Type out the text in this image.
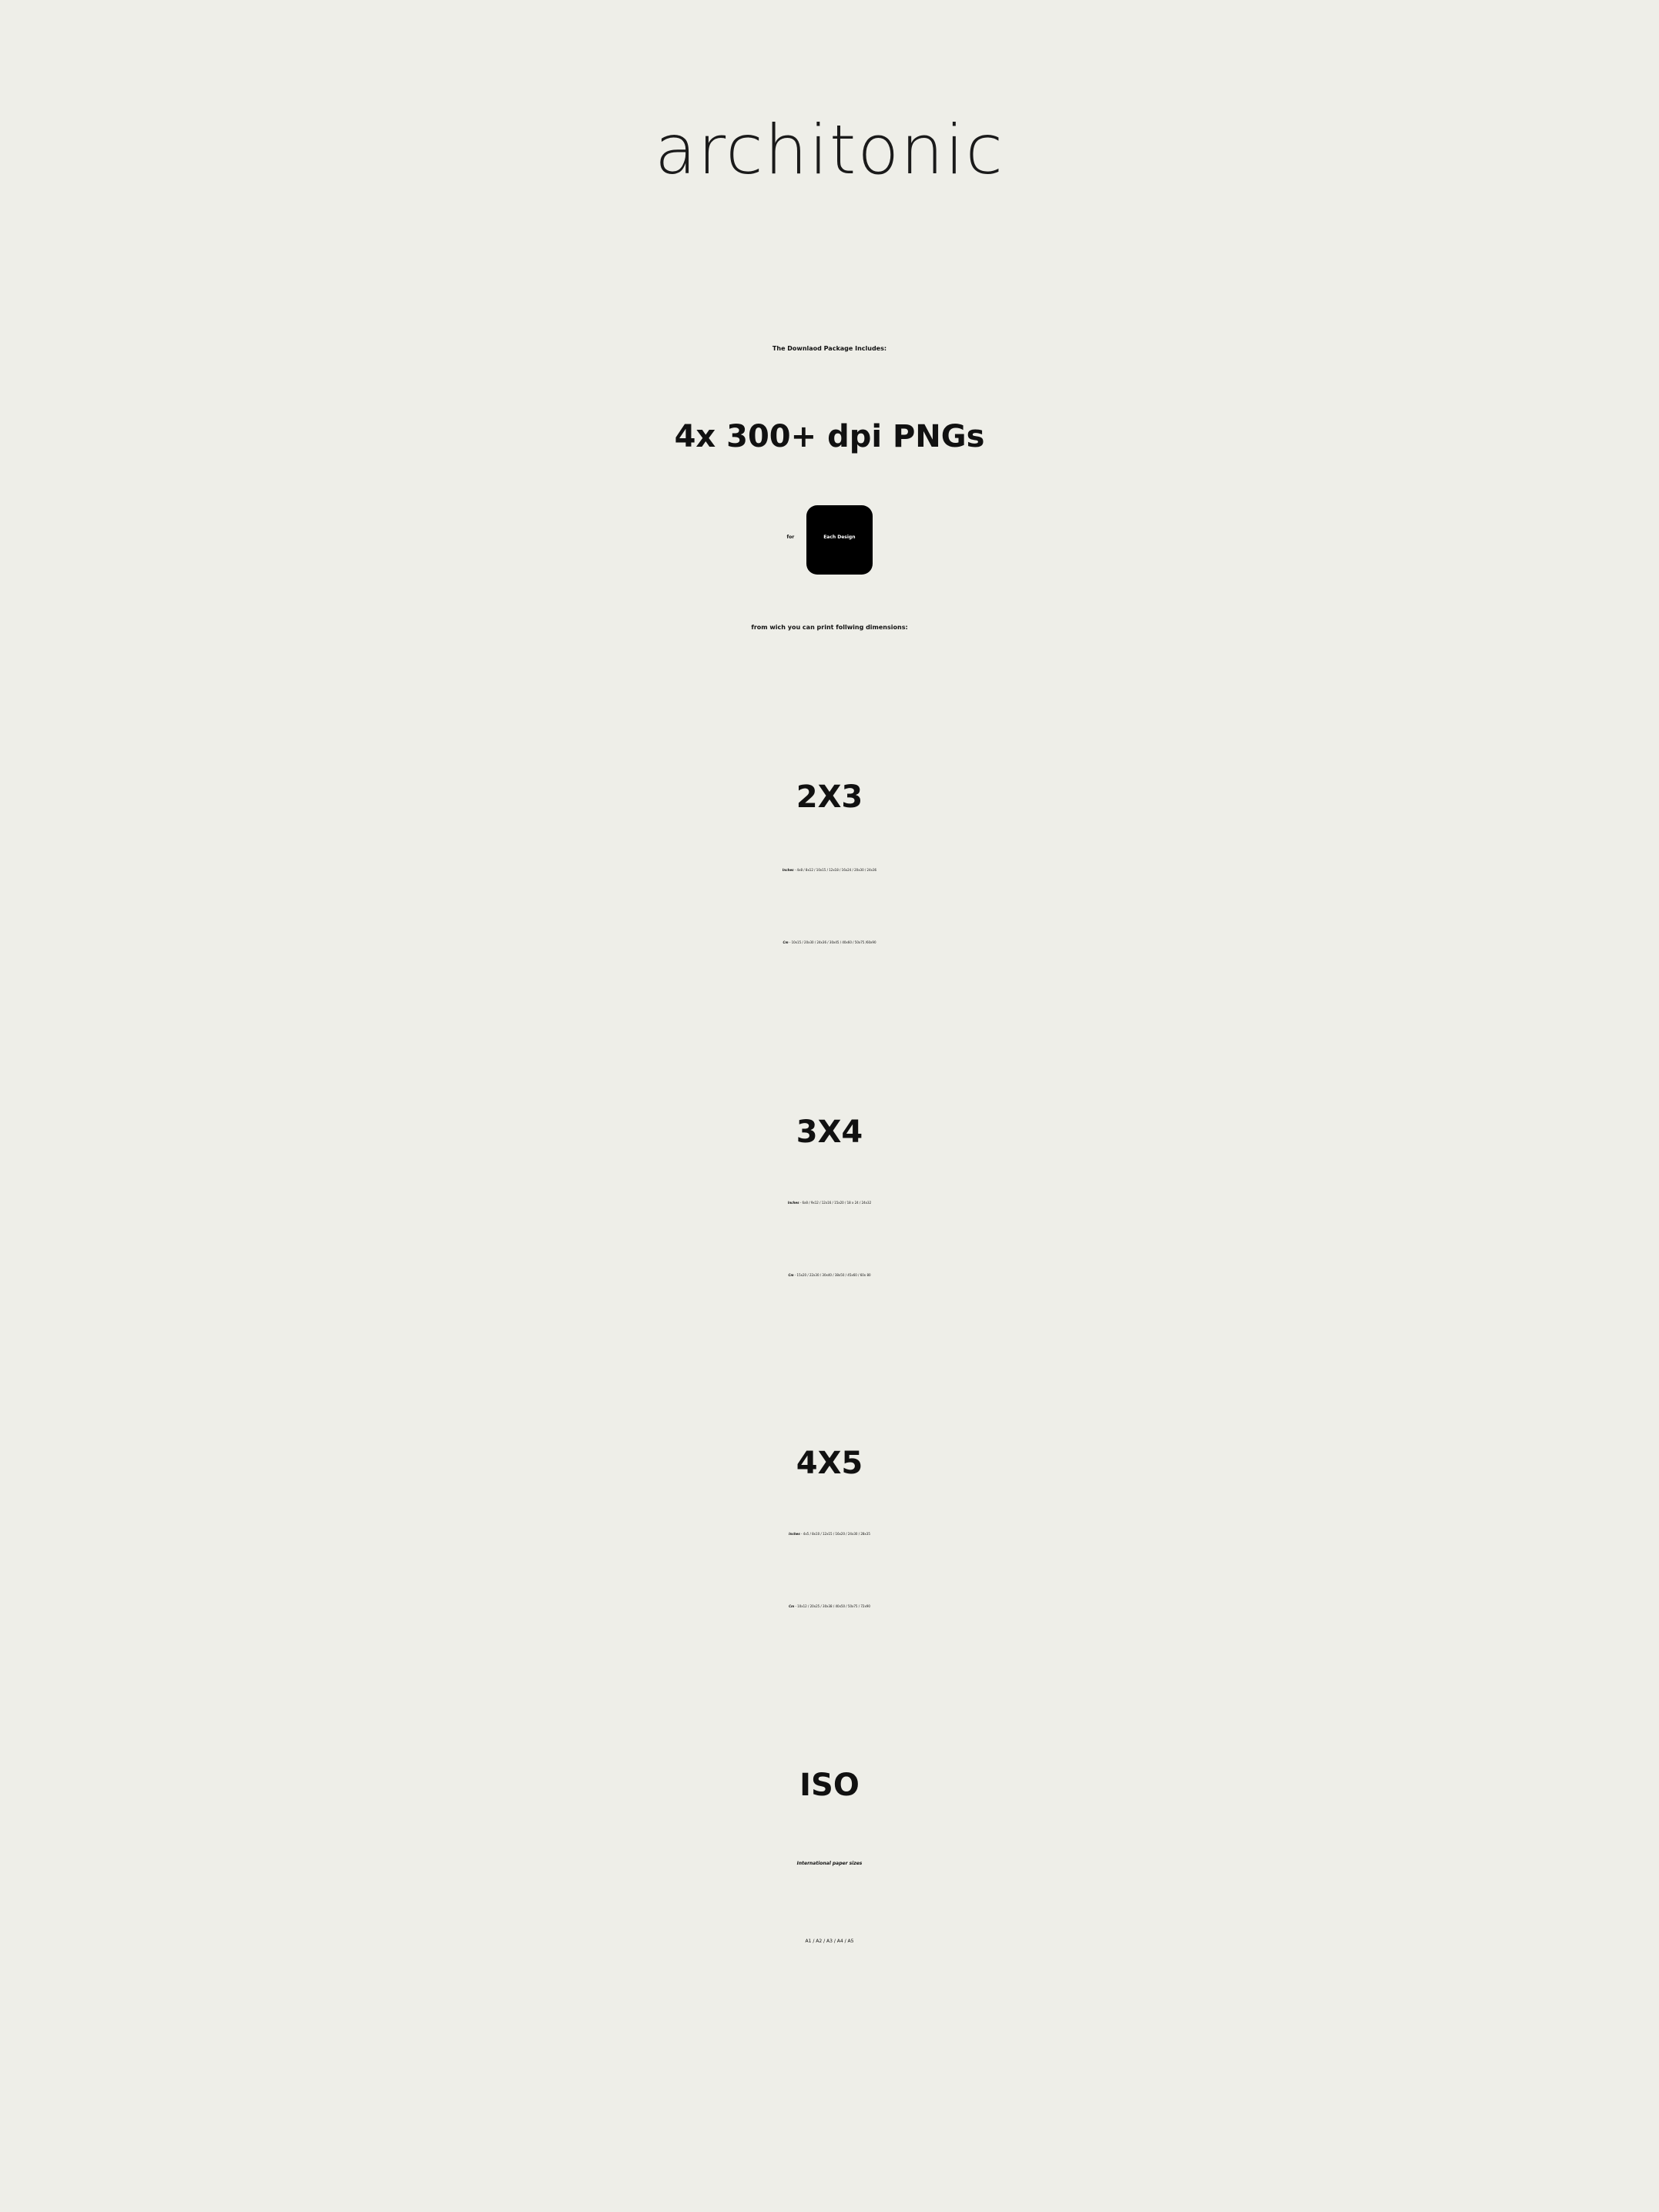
architonic
The Downlaod Package Includes:
4x 300+ dpi PNGs
for	Each Design
from wich you can print follwing dimensions:
2X3
Inches - 4x8 / 8x12 / 10x15 / 12x18 / 16x24 / 20x30 / 24x36
Cm - 10x15 / 20x30 / 24x36 / 30x45 / 40x60 / 50x75 /60x90
3X4
Inches - 6x8 / 9x12 / 12x16 / 15x20 / 18 x 24 / 24x32
Cm - 15x20 / 22x30 / 30x40 / 38x50 / 45x60 / 60x 80
4X5
Inches - 4x5 / 8x10 / 12x15 / 16x20 / 24x30 / 28x35
Cm - 10x12 / 20x25 / 30x38 / 40x50 / 50x75 / 72x90
ISO
International paper sizes
A1 / A2 / A3 / A4 / A5
